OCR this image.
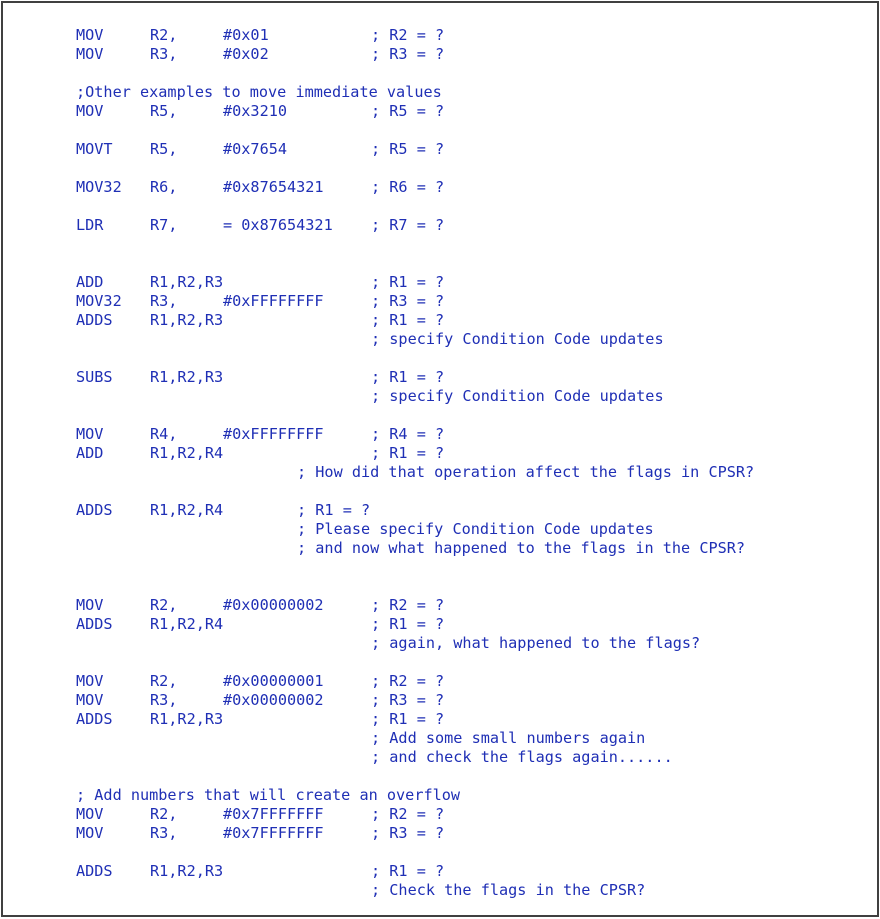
MOV	R2,	#0x01	; R2 = ?
MOV	R3,	#0x02	; R3 = ?
;Other examples to move immediate values
MOV	R5,	#0x3210	; R5 = ?
MOVT R5,	#0x7654	; R5 = ?
MOV32 R6,	#0x87654321	; R6 = ?
LDR	R7,	= 0x87654321	; R7 = ?
ADD	R1,R2,R3	; R1 = ?
MOV32 R3,	#0xFFFFFFFF	; R3 = ?
ADDS R1,R2,R3	; R1 = ?
; specify Condition Code updates
SUBS R1,R2,R3	; R1 = ?
; specify Condition Code updates
MOV	R4,	#0xFFFFFFFF	; R4 = ?
ADD	R1,R2,R4	; R1 = ?
; How did that operation affect the flags in CPSR?
ADDS R1,R2,R4	; R1 = ?
; Please specify Condition Code updates
; and now what happened to the flags in the CPSR?
MOV	R2,	#0x00000002	; R2 = ?
ADDS R1,R2,R4	; R1 = ?
; again, what happened to the flags?
MOV	R2,	#0x00000001	; R2 = ?
MOV	R3,	#0x00000002	; R3 = ?
ADDS R1,R2,R3	; R1 = ?
; Add some small numbers again
; and check the flags again......
; Add numbers that will create an overflow
MOV	R2,	#0x7FFFFFFF	; R2 = ?
MOV	R3,	#0x7FFFFFFF	; R3 = ?
ADDS R1,R2,R3	; R1 = ?
; Check the flags in the CPSR?
